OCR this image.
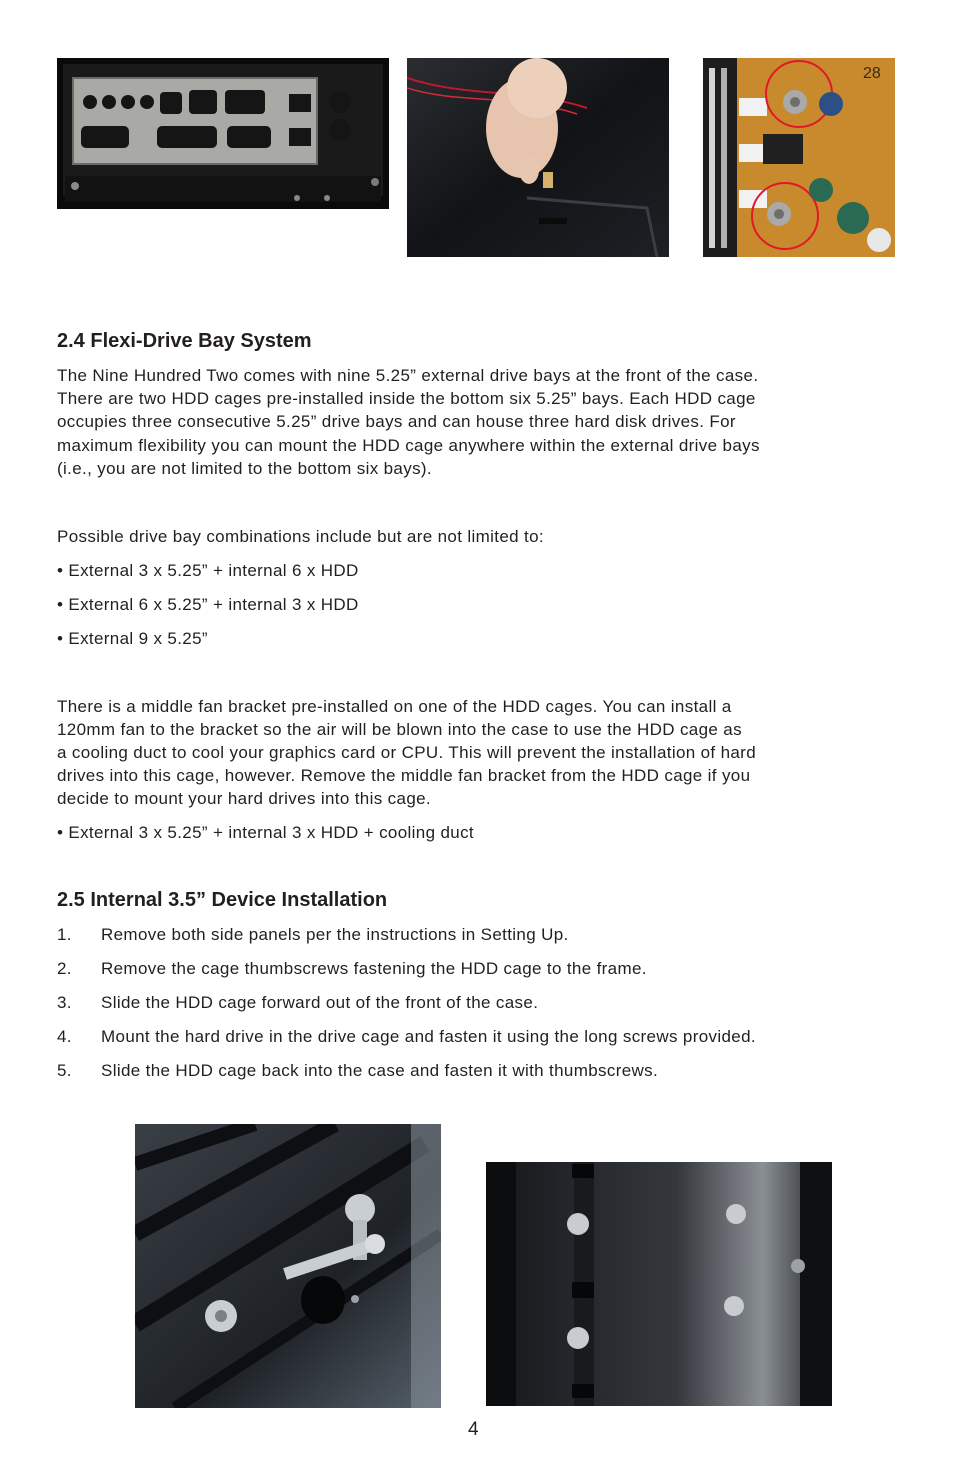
28
2.4 Flexi-Drive Bay System

The Nine Hundred Two comes with nine 5.25” external drive bays at the front of the case.

There are two HDD cages pre-installed inside the bottom six 5.25” bays. Each HDD cage

occupies three consecutive 5.25” drive bays and can house three hard disk drives. For

maximum flexibility you can mount the HDD cage anywhere within the external drive bays

(i.e., you are not limited to the bottom six bays).

Possible drive bay combinations include but are not limited to:

• External 3 x 5.25” + internal 6 x HDD

• External 6 x 5.25” + internal 3 x HDD

• External 9 x 5.25”

There is a middle fan bracket pre-installed on one of the HDD cages. You can install a

120mm fan to the bracket so the air will be blown into the case to use the HDD cage as

a cooling duct to cool your graphics card or CPU. This will prevent the installation of hard

drives into this cage, however. Remove the middle fan bracket from the HDD cage if you

decide to mount your hard drives into this cage.

• External 3 x 5.25” + internal 3 x HDD + cooling duct

2.5 Internal 3.5” Device Installation

1. Remove both side panels per the instructions in Setting Up.

2. Remove the cage thumbscrews fastening the HDD cage to the frame.

3. Slide the HDD cage forward out of the front of the case.

4. Mount the hard drive in the drive cage and fasten it using the long screws provided.

5. Slide the HDD cage back into the case and fasten it with thumbscrews.

4
